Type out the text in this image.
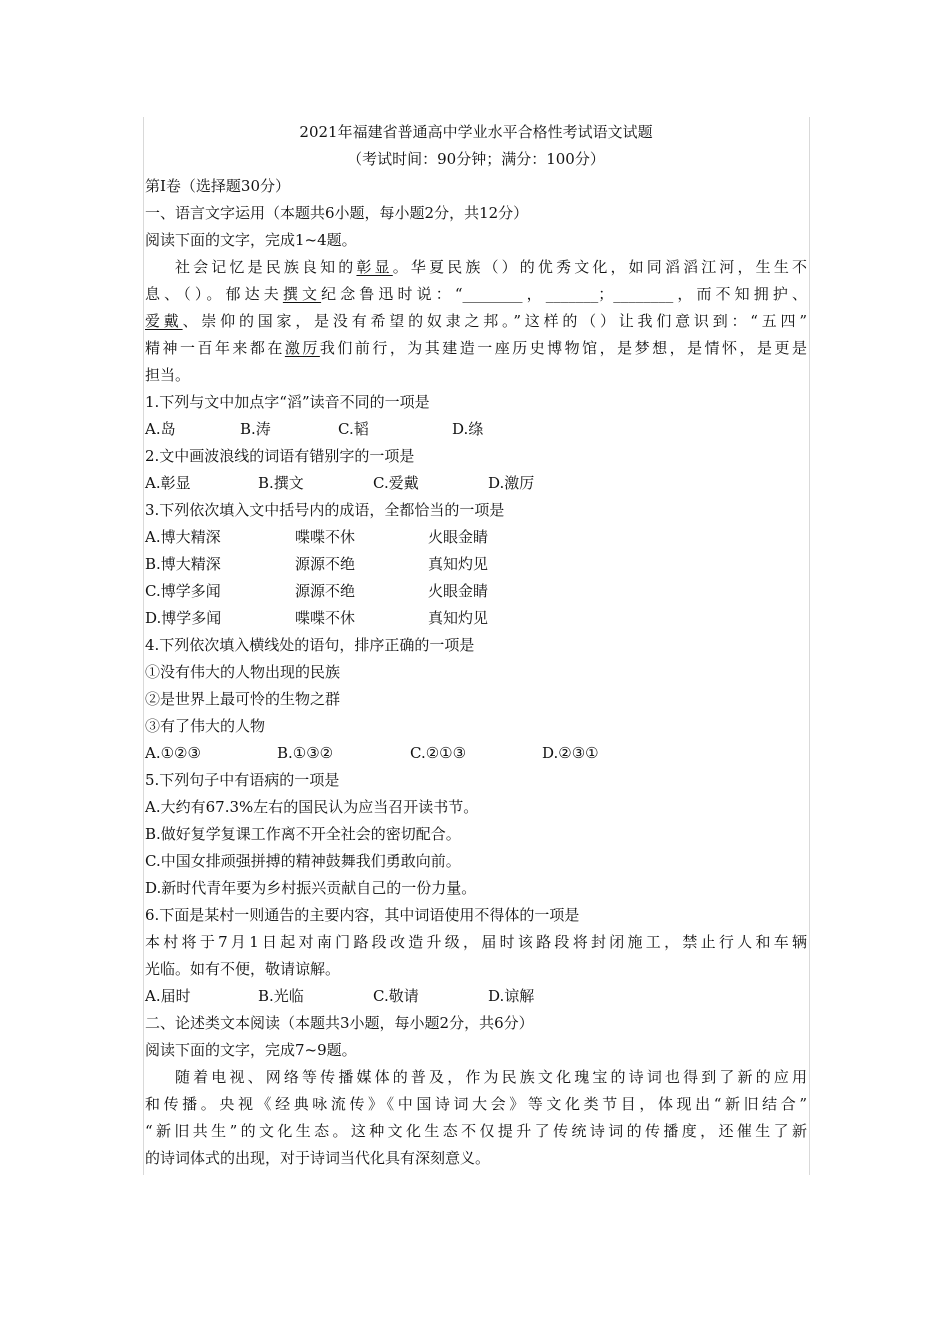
2021年福建省普通高中学业水平合格性考试语文试题
（考试时间：90分钟；满分：100分）
第Ⅰ卷（选择题30分）
一、语言文字运用（本题共6小题，每小题2分，共12分）
阅读下面的文字，完成1~4题。
社会记忆是民族良知的彰显。华夏民族（）的优秀文化，如同滔滔江河，生生不
息、（）。郁达夫撰文纪念鲁迅时说：“________，_______；________，而不知拥护、
爱戴、崇仰的国家，是没有希望的奴隶之邦。”这样的（）让我们意识到：“五四”
精神一百年来都在激厉我们前行，为其建造一座历史博物馆，是梦想，是情怀，是更是
担当。
1.下列与文中加点字“滔”读音不同的一项是
A.岛	B.涛	C.韬	D.绦
2.文中画波浪线的词语有错别字的一项是
A.彰显	B.撰文	C.爱戴	D.激厉
3.下列依次填入文中括号内的成语，全都恰当的一项是
A.博大精深	喋喋不休	火眼金睛
B.博大精深	源源不绝	真知灼见
C.博学多闻	源源不绝	火眼金睛
D.博学多闻	喋喋不休	真知灼见
4.下列依次填入横线处的语句，排序正确的一项是
①没有伟大的人物出现的民族
②是世界上最可怜的生物之群
③有了伟大的人物
A.①②③	B.①③②	C.②①③	D.②③①
5.下列句子中有语病的一项是
A.大约有67.3%左右的国民认为应当召开读书节。
B.做好复学复课工作离不开全社会的密切配合。
C.中国女排顽强拼搏的精神鼓舞我们勇敢向前。
D.新时代青年要为乡村振兴贡献自己的一份力量。
6.下面是某村一则通告的主要内容，其中词语使用不得体的一项是
本村将于7月1日起对南门路段改造升级，届时该路段将封闭施工，禁止行人和车辆
光临。如有不便，敬请谅解。
A.届时	B.光临	C.敬请	D.谅解
二、论述类文本阅读（本题共3小题，每小题2分，共6分）
阅读下面的文字，完成7~9题。
随着电视、网络等传播媒体的普及，作为民族文化瑰宝的诗词也得到了新的应用
和传播。央视《经典咏流传》《中国诗词大会》等文化类节目，体现出“新旧结合”
“新旧共生”的文化生态。这种文化生态不仅提升了传统诗词的传播度，还催生了新
的诗词体式的出现，对于诗词当代化具有深刻意义。
